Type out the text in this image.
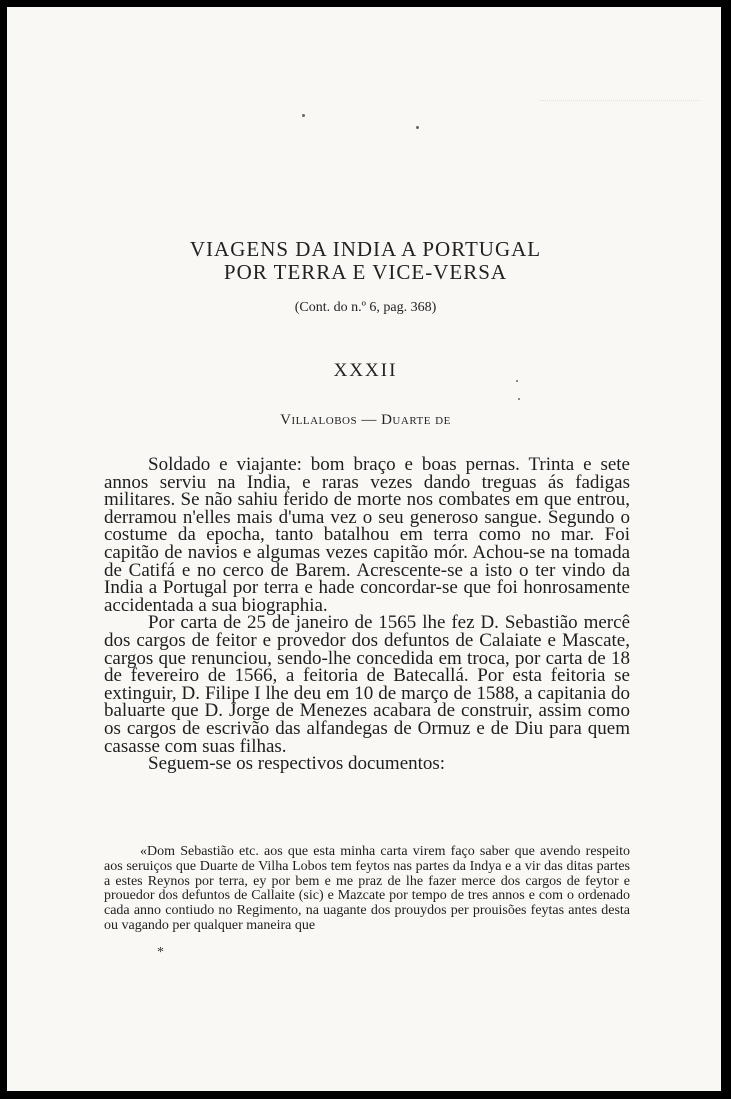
VIAGENS DA INDIA A PORTUGAL
POR TERRA E VICE-VERSA
(Cont. do n.º 6, pag. 368)
XXXII
Villalobos — Duarte de

Soldado e viajante: bom braço e boas pernas. Trinta e sete annos serviu na India, e raras vezes dando treguas ás fadigas militares. Se não sahiu ferido de morte nos combates em que entrou, derramou n'elles mais d'uma vez o seu generoso sangue. Segundo o costume da epocha, tanto batalhou em terra como no mar. Foi capitão de navios e algumas vezes capitão mór. Achou-se na tomada de Catifá e no cerco de Barem. Acrescente-se a isto o ter vindo da India a Portugal por terra e hade concordar-se que foi honrosamente accidentada a sua biographia.

Por carta de 25 de janeiro de 1565 lhe fez D. Sebastião mercê dos cargos de feitor e provedor dos defuntos de Calaiate e Mascate, cargos que renunciou, sendo-lhe concedida em troca, por carta de 18 de fevereiro de 1566, a feitoria de Batecallá. Por esta feitoria se extinguir, D. Filipe I lhe deu em 10 de março de 1588, a capitania do baluarte que D. Jorge de Menezes acabara de construir, assim como os cargos de escrivão das alfandegas de Ormuz e de Diu para quem casasse com suas filhas.

Seguem-se os respectivos documentos:

«Dom Sebastião etc. aos que esta minha carta virem faço saber que avendo respeito aos seruiços que Duarte de Vilha Lobos tem feytos nas partes da Indya e a vir das ditas partes a estes Reynos por terra, ey por bem e me praz de lhe fazer merce dos cargos de feytor e prouedor dos defuntos de Callaite (sic) e Mazcate por tempo de tres annos e com o ordenado cada anno contiudo no Regimento, na uagante dos prouydos per prouisões feytas antes desta ou vagando per qualquer maneira que

*
